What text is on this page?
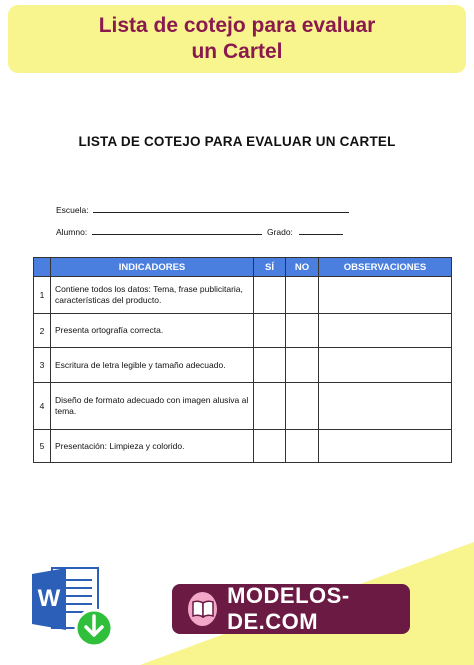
Lista de cotejo para evaluar
un Cartel
LISTA DE COTEJO PARA EVALUAR UN CARTEL
Escuela:
Alumno:	Grado:
	INDICADORES	SÍ	NO	OBSERVACIONES
1	Contiene todos los datos: Tema, frase publicitaria, características del producto.			
2	Presenta ortografía correcta.			
3	Escritura de letra legible y tamaño adecuado.			
4	Diseño de formato adecuado con imagen alusiva al tema.			
5	Presentación: Limpieza y colorido.			
W	MODELOS-DE.COM
